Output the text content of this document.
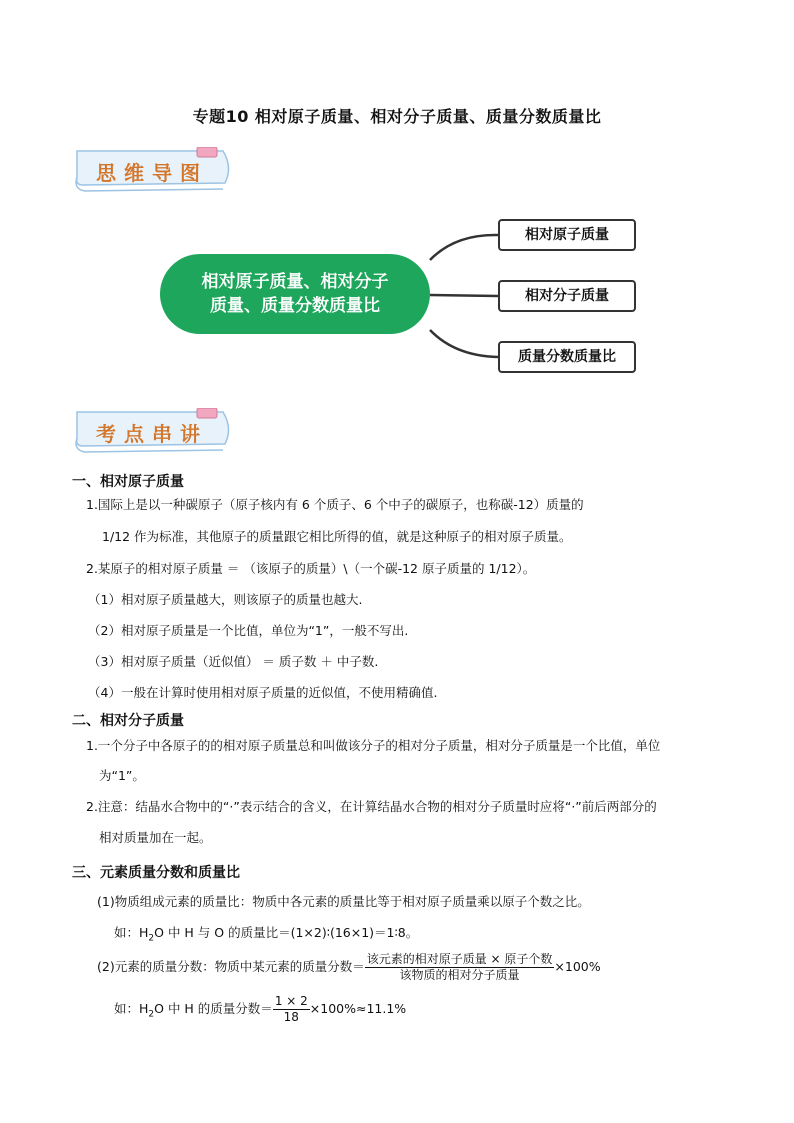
专题10 相对原子质量、相对分子质量、质量分数质量比
思维导图
相对原子质量、相对分子
质量、质量分数质量比
相对原子质量
相对分子质量
质量分数质量比
考点串讲
一、相对原子质量
1.国际上是以一种碳原子（原子核内有 6 个质子、6 个中子的碳原子，也称碳-12）质量的
1/12 作为标准，其他原子的质量跟它相比所得的值，就是这种原子的相对原子质量。
2.某原子的相对原子质量 ＝ （该原子的质量）\（一个碳-12 原子质量的 1/12）。
（1）相对原子质量越大，则该原子的质量也越大.
（2）相对原子质量是一个比值，单位为“1”，一般不写出.
（3）相对原子质量（近似值） ＝ 质子数 ＋ 中子数.
（4）一般在计算时使用相对原子质量的近似值，不使用精确值.
二、相对分子质量
1.一个分子中各原子的的相对原子质量总和叫做该分子的相对分子质量，相对分子质量是一个比值，单位
为“1”。
2.注意：结晶水合物中的“·”表示结合的含义，在计算结晶水合物的相对分子质量时应将“·”前后两部分的
相对质量加在一起。
三、元素质量分数和质量比
(1)物质组成元素的质量比：物质中各元素的质量比等于相对原子质量乘以原子个数之比。
如：$H_2O$ 中 H 与 O 的质量比＝(1×2)∶(16×1)＝1∶8。
(2)元素的质量分数：物质中某元素的质量分数＝ $\frac{\text{该元素的相对原子质量 × 原子个数}}{\text{该物质的相对分子质量}} \times 100\%$
如：$H_2O$ 中 H 的质量分数＝ $\frac{1 \times 2}{18} \times 100\%\approx 11.1\%$
